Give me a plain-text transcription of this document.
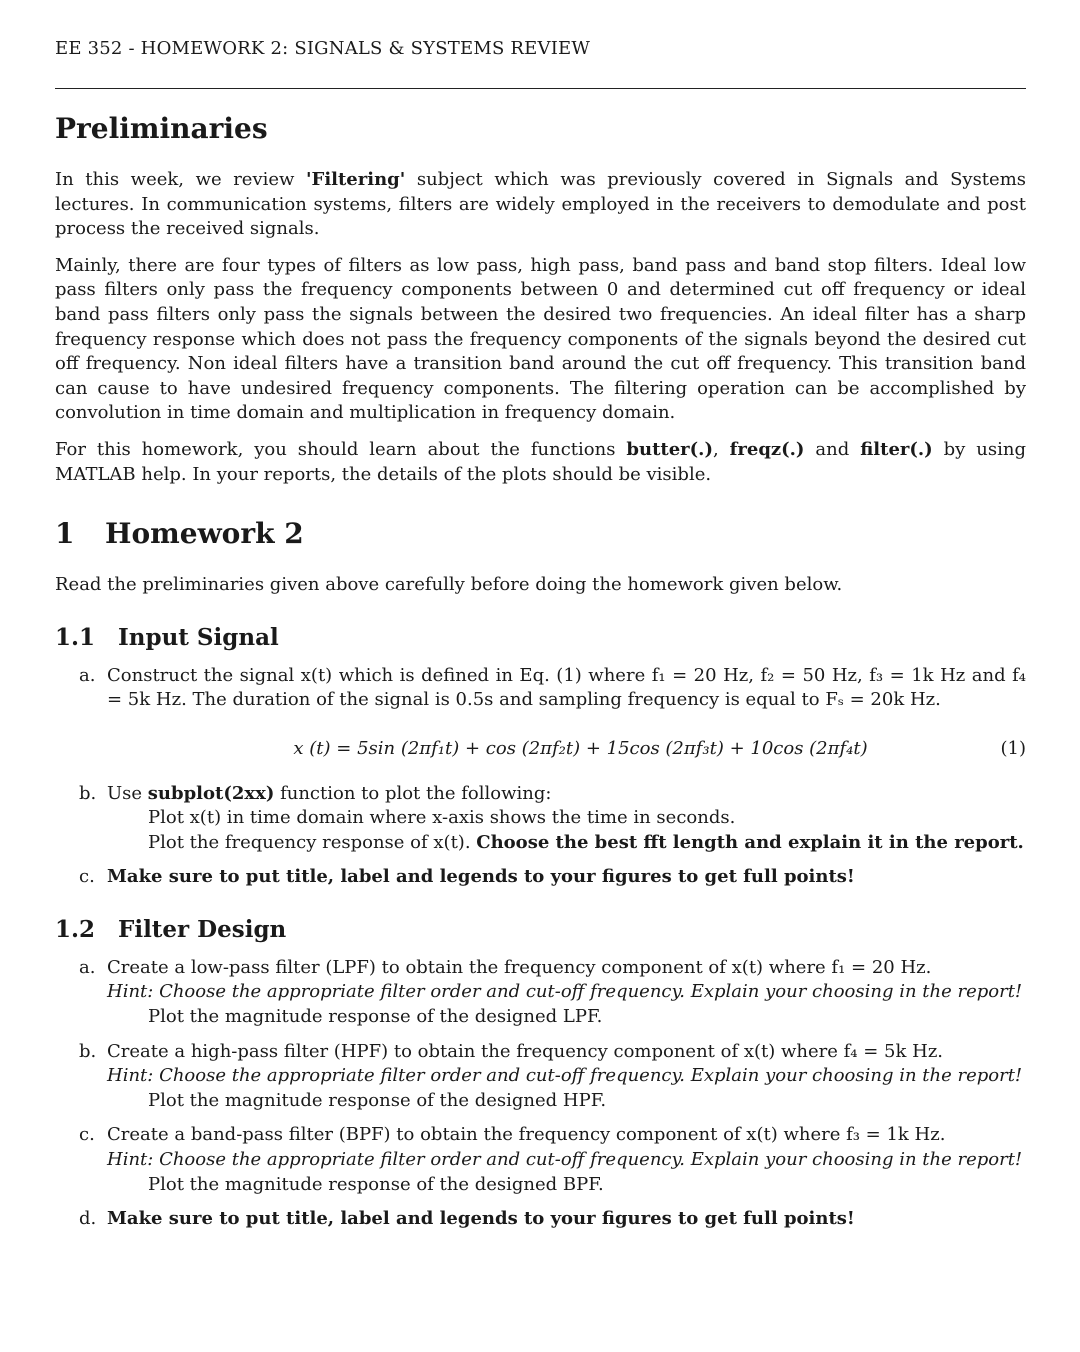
EE 352 - HOMEWORK 2: SIGNALS & SYSTEMS REVIEW
Preliminaries

In this week, we review 'Filtering' subject which was previously covered in Signals and Systems lectures. In communication systems, filters are widely employed in the receivers to demodulate and post process the received signals.

Mainly, there are four types of filters as low pass, high pass, band pass and band stop filters. Ideal low pass filters only pass the frequency components between 0 and determined cut off frequency or ideal band pass filters only pass the signals between the desired two frequencies. An ideal filter has a sharp frequency response which does not pass the frequency components of the signals beyond the desired cut off frequency. Non ideal filters have a transition band around the cut off frequency. This transition band can cause to have undesired frequency components. The filtering operation can be accomplished by convolution in time domain and multiplication in frequency domain.

For this homework, you should learn about the functions butter(.), freqz(.) and filter(.) by using MATLAB help. In your reports, the details of the plots should be visible.

1 Homework 2

Read the preliminaries given above carefully before doing the homework given below.

1.1 Input Signal
a. Construct the signal x(t) which is defined in Eq. (1) where f₁ = 20 Hz, f₂ = 50 Hz, f₃ = 1k Hz and f₄ = 5k Hz. The duration of the signal is 0.5s and sampling frequency is equal to Fₛ = 20k Hz.

x (t) = 5sin (2πf₁t) + cos (2πf₂t) + 15cos (2πf₃t) + 10cos (2πf₄t)	(1)
b. Use subplot(2xx) function to plot the following:

Plot x(t) in time domain where x-axis shows the time in seconds.

Plot the frequency response of x(t). Choose the best fft length and explain it in the report.

c. Make sure to put title, label and legends to your figures to get full points!

1.2 Filter Design
a. Create a low-pass filter (LPF) to obtain the frequency component of x(t) where f₁ = 20 Hz.

Hint: Choose the appropriate filter order and cut-off frequency. Explain your choosing in the report!

Plot the magnitude response of the designed LPF.

b. Create a high-pass filter (HPF) to obtain the frequency component of x(t) where f₄ = 5k Hz.

Hint: Choose the appropriate filter order and cut-off frequency. Explain your choosing in the report!

Plot the magnitude response of the designed HPF.

c. Create a band-pass filter (BPF) to obtain the frequency component of x(t) where f₃ = 1k Hz.

Hint: Choose the appropriate filter order and cut-off frequency. Explain your choosing in the report!

Plot the magnitude response of the designed BPF.

d. Make sure to put title, label and legends to your figures to get full points!
